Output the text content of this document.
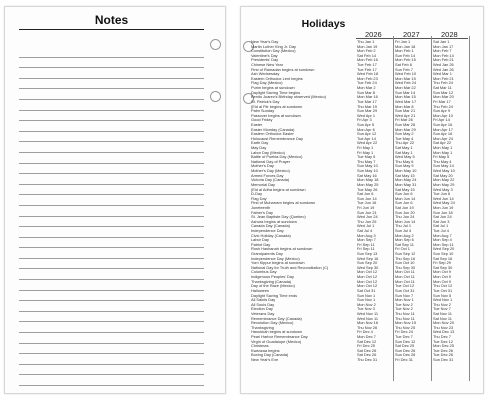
Notes	Holidays
2026	2027	2028
New Year's Day	Thu Jan 1	Fri Jan 1	Sat Jan 1
Martin Luther King Jr. Day	Mon Jan 19	Mon Jan 18	Mon Jan 17
Constitution Day (Mexico)	Mon Feb 2	Mon Feb 1	Mon Feb 7
Valentine's Day	Sat Feb 14	Sun Feb 14	Mon Feb 14
Presidents' Day	Mon Feb 16	Mon Feb 15	Mon Feb 21
Chinese New Year	Tue Feb 17	Sat Feb 6	Wed Jan 26
First of Ramadan begins at sundown	Tue Feb 17	Sun Feb 7	Wed Jan 26
Ash Wednesday	Wed Feb 18	Wed Feb 10	Wed Mar 1
Eastern Orthodox Lent begins	Mon Feb 23	Mon Mar 15	Mon Feb 21
Flag Day (Mexico)	Tue Feb 24	Wed Feb 24	Thu Feb 24
Purim begins at sundown	Mon Mar 2	Mon Mar 22	Sat Mar 11
Daylight Saving Time begins	Sun Mar 8	Sun Mar 14	Sun Mar 12
Benito Juarez's Birthday observed (Mexico)	Mon Mar 16	Mon Mar 15	Mon Mar 20
St. Patrick's Day	Tue Mar 17	Wed Mar 17	Fri Mar 17
(Eid al Fitr begins at sundown	Thu Mar 19	Mon Mar 8	Thu Feb 24
Palm Sunday	Sun Mar 29	Sun Mar 21	Sun Apr 9
Passover begins at sundown	Wed Apr 1	Wed Apr 21	Mon Apr 10
Good Friday	Fri Apr 3	Fri Mar 26	Fri Apr 14
Easter	Sun Apr 5	Sun Mar 28	Sun Apr 16
Easter Monday (Canada)	Mon Apr 6	Mon Mar 29	Mon Apr 17
Eastern Orthodox Easter	Sun Apr 12	Sun May 2	Sun Apr 16
Holocaust Remembrance Day	Tue Apr 14	Tue May 4	Mon Apr 24
Earth Day	Wed Apr 22	Thu Apr 22	Sat Apr 22
May Day	Fri May 1	Sat May 1	Mon May 1
Labor Day (Mexico)	Fri May 1	Sat May 1	Mon May 1
Battle of Puebla Day (Mexico)	Tue May 5	Wed May 5	Fri May 5
National Day of Prayer	Thu May 7	Thu May 6	Thu May 4
Mother's Day	Sun May 10	Sun May 9	Sun May 14
Mother's Day (Mexico)	Sun May 10	Mon May 10	Wed May 10
Armed Forces Day	Sat May 16	Sat May 15	Sat May 20
Victoria Day (Canada)	Mon May 18	Mon May 24	Mon May 22
Memorial Day	Mon May 25	Mon May 31	Mon May 29
(Eid al Adha begins at sundown	Tue May 26	Sat May 15	Wed May 3
D-Day	Sat Jun 6	Sun Jun 6	Tue Jun 6
Flag Day	Sun Jun 14	Mon Jun 14	Wed Jun 14
First of Muharram begins at sundown	Tue Jun 16	Sun Jun 6	Wed May 24
Juneteenth	Fri Jun 19	Sat Jun 19	Mon Jun 19
Father's Day	Sun Jun 21	Sun Jun 20	Sun Jun 18
St. Jean Baptiste Day (Quebec)	Wed Jun 24	Thu Jun 24	Sat Jun 24
Ashura begins at sundown	Thu Jun 25	Mon Jun 14	Sat Jun 3
Canada Day (Canada)	Wed Jul 1	Thu Jul 1	Sat Jul 1
Independence Day	Sat Jul 4	Sun Jul 4	Tue Jul 4
Civic Holiday (Canada)	Mon Aug 3	Mon Aug 2	Mon Aug 7
Labor Day	Mon Sep 7	Mon Sep 6	Mon Sep 4
Patriot Day	Fri Sep 11	Sat Sep 11	Mon Sep 11
Rosh Hashanah begins at sundown	Fri Sep 11	Fri Oct 1	Wed Sep 20
Grandparents Day	Sun Sep 13	Sun Sep 12	Sun Sep 10
Independence Day (Mexico)	Wed Sep 16	Thu Sep 16	Sat Sep 16
Yom Kippur begins at sundown	Sun Sep 20	Sun Oct 10	Fri Sep 29
National Day for Truth and Reconciliation (C)	Wed Sep 30	Thu Sep 30	Sat Sep 30
Columbus Day	Mon Oct 12	Mon Oct 11	Mon Oct 9
Indigenous Peoples' Day	Mon Oct 12	Mon Oct 11	Mon Oct 9
Thanksgiving (Canada)	Mon Oct 12	Mon Oct 11	Mon Oct 9
Day of the Race (Mexico)	Mon Oct 12	Tue Oct 12	Thu Oct 12
Halloween	Sat Oct 31	Sun Oct 31	Tue Oct 31
Daylight Saving Time ends	Sun Nov 1	Sun Nov 7	Sun Nov 5
All Saints Day	Sun Nov 1	Mon Nov 1	Wed Nov 1
All Souls Day	Mon Nov 2	Tue Nov 2	Thu Nov 2
Election Day	Tue Nov 3	Tue Nov 2	Tue Nov 7
Veterans Day	Wed Nov 11	Thu Nov 11	Sat Nov 11
Remembrance Day (Canada)	Wed Nov 11	Thu Nov 11	Sat Nov 11
Revolution Day (Mexico)	Mon Nov 16	Mon Nov 15	Mon Nov 20
Thanksgiving	Thu Nov 26	Thu Nov 25	Thu Nov 23
Hanukkah begins at sundown	Fri Dec 4	Fri Dec 24	Wed Dec 13
Pearl Harbor Remembrance Day	Mon Dec 7	Tue Dec 7	Thu Dec 7
Virgin of Guadalupe (Mexico)	Sat Dec 12	Sun Dec 12	Tue Dec 12
Christmas	Fri Dec 25	Sat Dec 25	Mon Dec 25
Kwanzaa begins	Sat Dec 26	Sun Dec 26	Tue Dec 26
Boxing Day (Canada)	Sat Dec 26	Sun Dec 26	Tue Dec 26
New Year's Eve	Thu Dec 31	Fri Dec 31	Sun Dec 31
